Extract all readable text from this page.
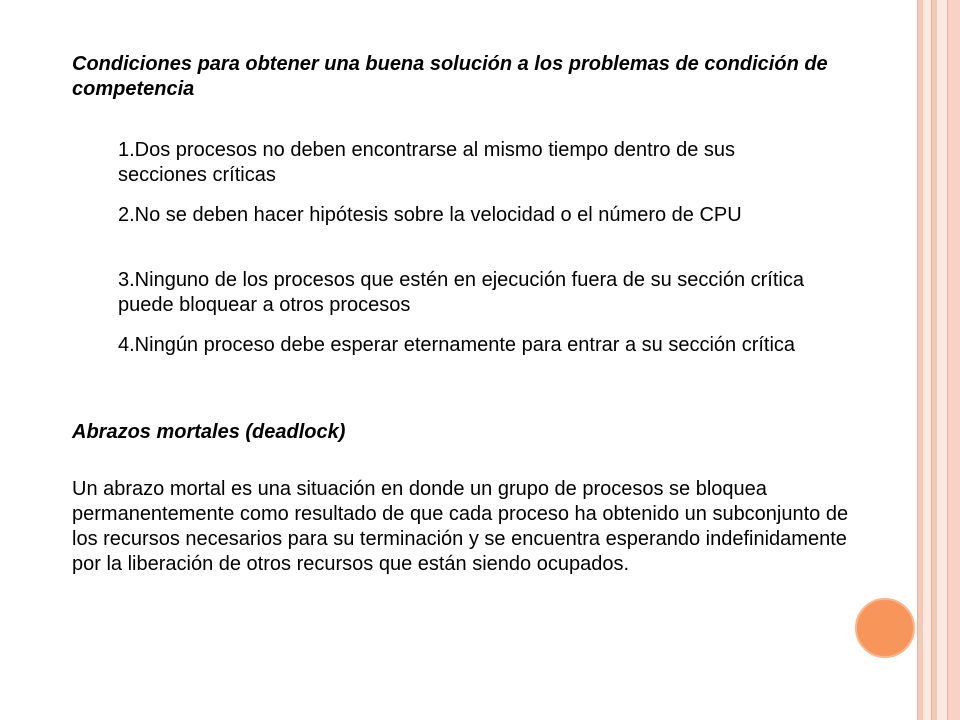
Condiciones para obtener una buena solución a los problemas de condición de competencia
1.Dos procesos no deben encontrarse al mismo tiempo dentro de sus secciones críticas
2.No se deben hacer hipótesis sobre la velocidad o el número de CPU
3.Ninguno de los procesos que estén en ejecución fuera de su sección crítica puede bloquear a otros procesos
4.Ningún proceso debe esperar eternamente para entrar a su sección crítica
Abrazos mortales (deadlock)
Un abrazo mortal es una situación en donde un grupo de procesos se bloquea permanentemente como resultado de que cada proceso ha obtenido un subconjunto de los recursos necesarios para su terminación y se encuentra esperando indefinidamente por la liberación de otros recursos que están siendo ocupados.
